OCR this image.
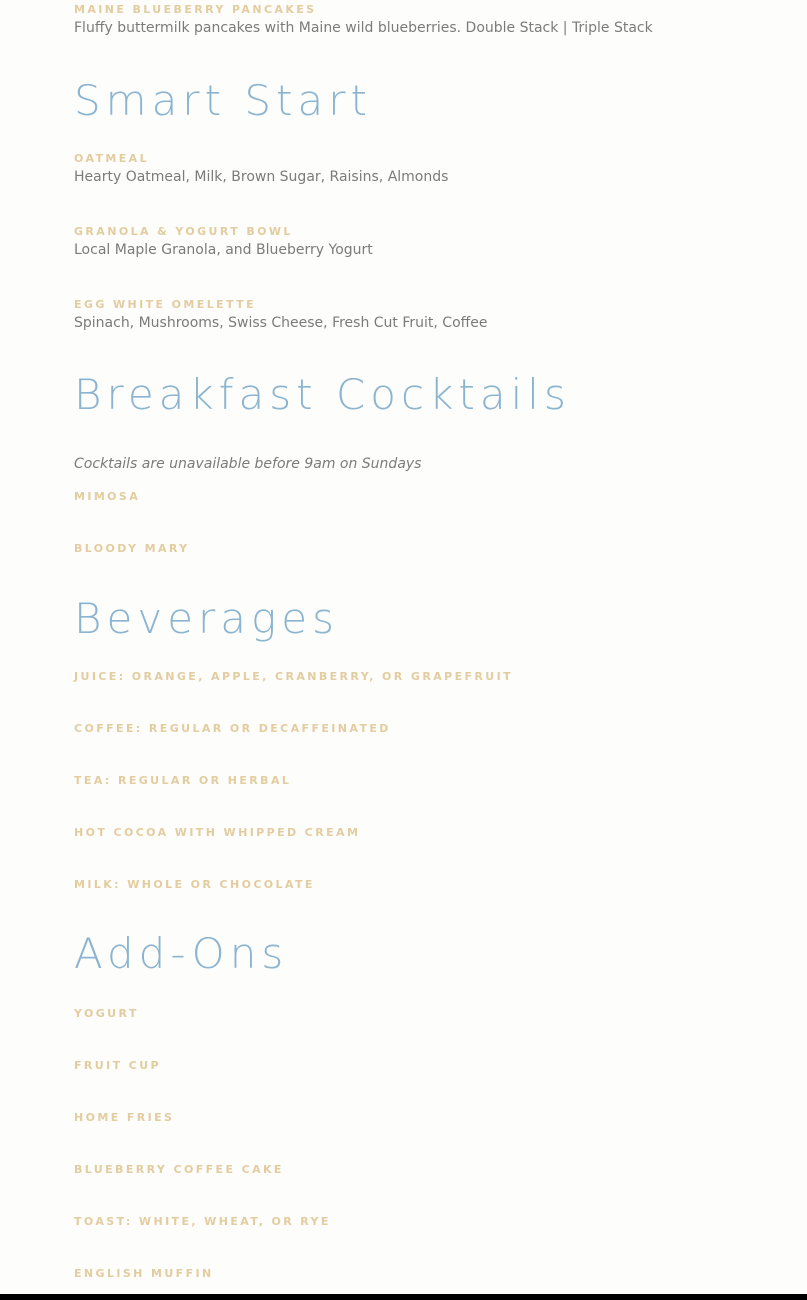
MAINE BLUEBERRY PANCAKES
Fluffy buttermilk pancakes with Maine wild blueberries. Double Stack | Triple Stack
Smart Start
OATMEAL
Hearty Oatmeal, Milk, Brown Sugar, Raisins, Almonds
GRANOLA & YOGURT BOWL
Local Maple Granola, and Blueberry Yogurt
EGG WHITE OMELETTE
Spinach, Mushrooms, Swiss Cheese, Fresh Cut Fruit, Coffee
Breakfast Cocktails
Cocktails are unavailable before 9am on Sundays
MIMOSA
BLOODY MARY
Beverages
JUICE: ORANGE, APPLE, CRANBERRY, OR GRAPEFRUIT
COFFEE: REGULAR OR DECAFFEINATED
TEA: REGULAR OR HERBAL
HOT COCOA WITH WHIPPED CREAM
MILK: WHOLE OR CHOCOLATE
Add-Ons
YOGURT
FRUIT CUP
HOME FRIES
BLUEBERRY COFFEE CAKE
TOAST: WHITE, WHEAT, OR RYE
ENGLISH MUFFIN
